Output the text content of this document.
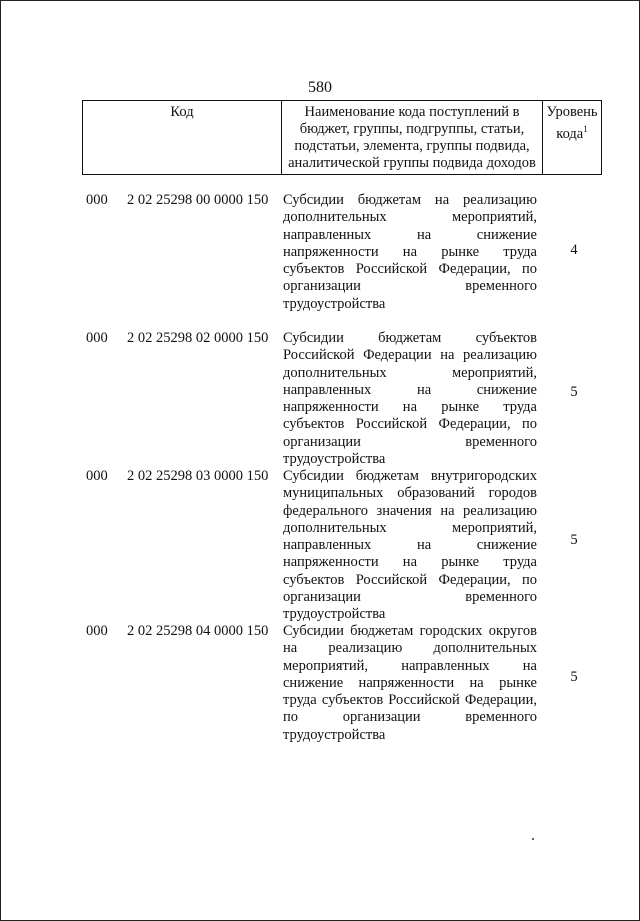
580
Код	Наименование кода поступлений в бюджет, группы, подгруппы, статьи, подстатьи, элемента, группы подвида, аналитической группы подвида доходов
Уровень кода$^1$
000	2 02 25298 00 0000 150	Субсидии бюджетам на реализацию дополнительных мероприятий, направленных на снижение напряженности на рынке труда субъектов Российской Федерации, по организации временного трудоустройства
4
000	2 02 25298 02 0000 150	Субсидии бюджетам субъектов Российской Федерации на реализацию дополнительных мероприятий, направленных на снижение напряженности на рынке труда субъектов Российской Федерации, по организации временного трудоустройства
5
000	2 02 25298 03 0000 150	Субсидии бюджетам внутригородских муниципальных образований городов федерального значения на реализацию дополнительных мероприятий, направленных на снижение напряженности на рынке труда субъектов Российской Федерации, по организации временного трудоустройства
5
000	2 02 25298 04 0000 150	Субсидии бюджетам городских округов на реализацию дополнительных мероприятий, направленных на снижение напряженности на рынке труда субъектов Российской Федерации, по организации временного трудоустройства
5
